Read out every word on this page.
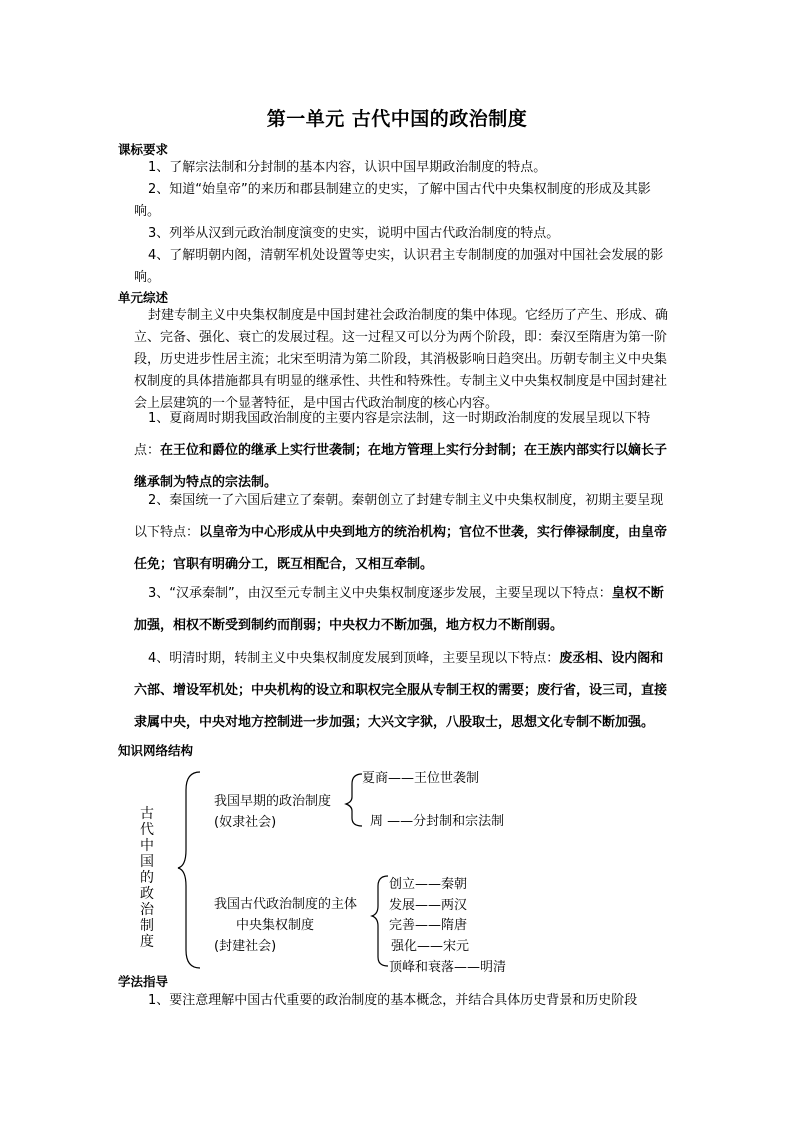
第一单元 古代中国的政治制度
课标要求

1、了解宗法制和分封制的基本内容，认识中国早期政治制度的特点。

2、知道“始皇帝”的来历和郡县制建立的史实，了解中国古代中央集权制度的形成及其影响。

3、列举从汉到元政治制度演变的史实，说明中国古代政治制度的特点。

4、了解明朝内阁，清朝军机处设置等史实，认识君主专制制度的加强对中国社会发展的影响。

单元综述

封建专制主义中央集权制度是中国封建社会政治制度的集中体现。它经历了产生、形成、确立、完备、强化、衰亡的发展过程。这一过程又可以分为两个阶段，即：秦汉至隋唐为第一阶段，历史进步性居主流；北宋至明清为第二阶段，其消极影响日趋突出。历朝专制主义中央集权制度的具体措施都具有明显的继承性、共性和特殊性。专制主义中央集权制度是中国封建社会上层建筑的一个显著特征，是中国古代政治制度的核心内容。

1、夏商周时期我国政治制度的主要内容是宗法制，这一时期政治制度的发展呈现以下特点：在王位和爵位的继承上实行世袭制；在地方管理上实行分封制；在王族内部实行以嫡长子继承制为特点的宗法制。

2、秦国统一了六国后建立了秦朝。秦朝创立了封建专制主义中央集权制度，初期主要呈现以下特点：以皇帝为中心形成从中央到地方的统治机构；官位不世袭，实行俸禄制度，由皇帝任免；官职有明确分工，既互相配合，又相互牵制。

3、“汉承秦制”，由汉至元专制主义中央集权制度逐步发展，主要呈现以下特点：皇权不断加强，相权不断受到制约而削弱；中央权力不断加强，地方权力不断削弱。

4、明清时期，转制主义中央集权制度发展到顶峰，主要呈现以下特点：废丞相、设内阁和六部、增设军机处；中央机构的设立和职权完全服从专制王权的需要；废行省，设三司，直接隶属中央，中央对地方控制进一步加强；大兴文字狱，八股取士，思想文化专制不断加强。

知识网络结构
古
代
中
国
的
政
治
制
度
我国早期的政治制度
(奴隶社会)
夏商——王位世袭制
周 ——分封制和宗法制
我国古代政治制度的主体
中央集权制度
(封建社会)
创立——秦朝
发展——两汉
完善——隋唐
强化——宋元
顶峰和衰落——明清
学法指导

1、要注意理解中国古代重要的政治制度的基本概念，并结合具体历史背景和历史阶段
